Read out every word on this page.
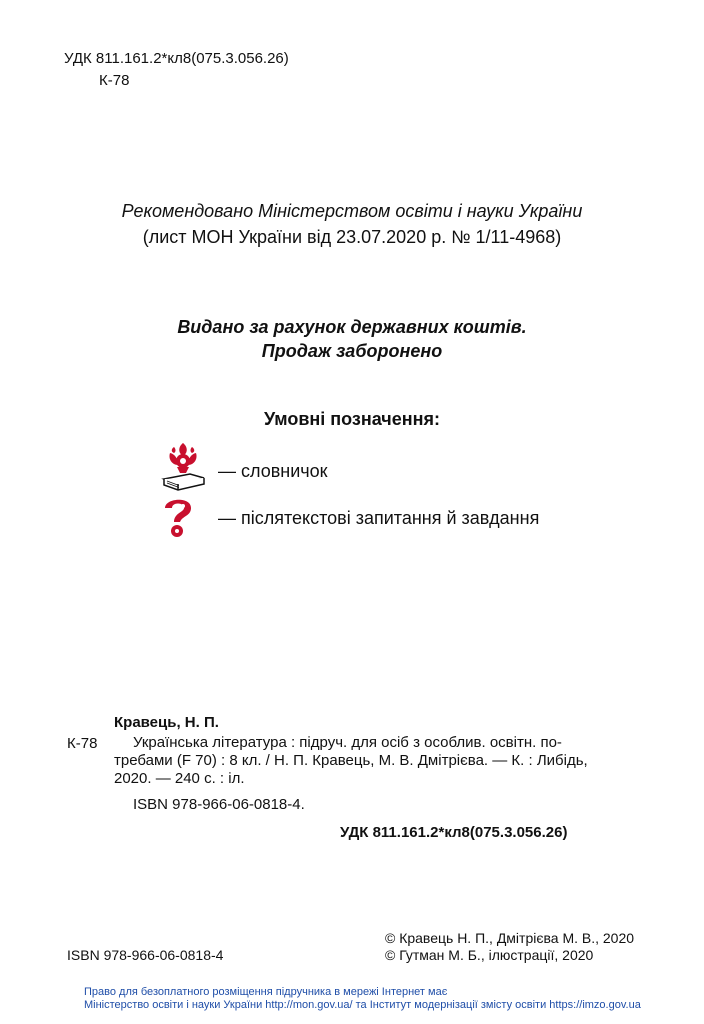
УДК 811.161.2*кл8(075.3.056.26)
К-78
Рекомендовано Міністерством освіти і науки України
(лист МОН України від 23.07.2020 р. № 1/11-4968)
Видано за рахунок державних коштів.
Продаж заборонено
Умовні позначення:
— словничок
— післятекстові запитання й завдання
К-78
Кравець, Н. П.
Українська література : підруч. для осіб з особлив. освітн. по-
требами (F 70) : 8 кл. / Н. П. Кравець, М. В. Дмітрієва. — К. : Либідь,
2020. — 240 с. : іл.
ISBN 978-966-06-0818-4.
УДК 811.161.2*кл8(075.3.056.26)
© Кравець Н. П., Дмітрієва М. В., 2020
© Гутман М. Б., ілюстрації, 2020
ISBN 978-966-06-0818-4
Право для безоплатного розміщення підручника в мережі Інтернет має
Міністерство освіти і науки України http://mon.gov.ua/ та Інститут модернізації змісту освіти https://imzo.gov.ua
